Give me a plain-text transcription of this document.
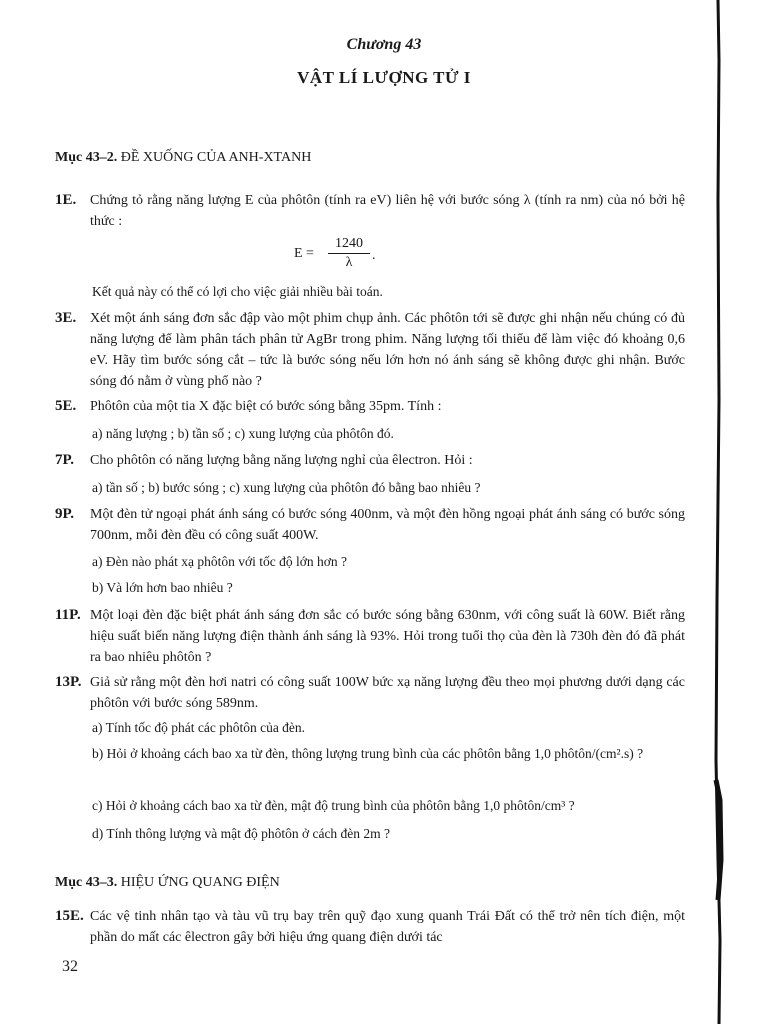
Chương 43
VẬT LÍ LƯỢNG TỬ I
Mục 43–2. ĐỀ XUỐNG CỦA ANH-XTANH
1E. Chứng tỏ rằng năng lượng E của phôtôn (tính ra eV) liên hệ với bước sóng λ (tính ra nm) của nó bởi hệ thức :
$E = \frac{1240}{\lambda}$ .
Kết quả này có thể có lợi cho việc giải nhiều bài toán.
3E. Xét một ánh sáng đơn sắc đập vào một phim chụp ảnh. Các phôtôn tới sẽ được ghi nhận nếu chúng có đủ năng lượng để làm phân tách phân tử AgBr trong phim. Năng lượng tối thiểu để làm việc đó khoảng 0,6 eV. Hãy tìm bước sóng cắt – tức là bước sóng nếu lớn hơn nó ánh sáng sẽ không được ghi nhận. Bước sóng đó nằm ở vùng phổ nào ?
5E. Phôtôn của một tia X đặc biệt có bước sóng bằng 35pm. Tính :
a) năng lượng ; b) tần số ; c) xung lượng của phôtôn đó.
7P. Cho phôtôn có năng lượng bằng năng lượng nghỉ của êlectron. Hỏi :
a) tần số ; b) bước sóng ; c) xung lượng của phôtôn đó bằng bao nhiêu ?
9P. Một đèn tử ngoại phát ánh sáng có bước sóng 400nm, và một đèn hồng ngoại phát ánh sáng có bước sóng 700nm, mỗi đèn đều có công suất 400W.
a) Đèn nào phát xạ phôtôn với tốc độ lớn hơn ?
b) Và lớn hơn bao nhiêu ?
11P. Một loại đèn đặc biệt phát ánh sáng đơn sắc có bước sóng bằng 630nm, với công suất là 60W. Biết rằng hiệu suất biến năng lượng điện thành ánh sáng là 93%. Hỏi trong tuổi thọ của đèn là 730h đèn đó đã phát ra bao nhiêu phôtôn ?
13P. Giả sử rằng một đèn hơi natri có công suất 100W bức xạ năng lượng đều theo mọi phương dưới dạng các phôtôn với bước sóng 589nm.
a) Tính tốc độ phát các phôtôn của đèn.
b) Hỏi ở khoảng cách bao xa từ đèn, thông lượng trung bình của các phôtôn bằng 1,0 phôtôn/(cm².s) ?
c) Hỏi ở khoảng cách bao xa từ đèn, mật độ trung bình của phôtôn bằng 1,0 phôtôn/cm³ ?
d) Tính thông lượng và mật độ phôtôn ở cách đèn 2m ?
Mục 43–3. HIỆU ỨNG QUANG ĐIỆN
15E. Các vệ tinh nhân tạo và tàu vũ trụ bay trên quỹ đạo xung quanh Trái Đất có thể trở nên tích điện, một phần do mất các êlectron gây bởi hiệu ứng quang điện dưới tác
32
